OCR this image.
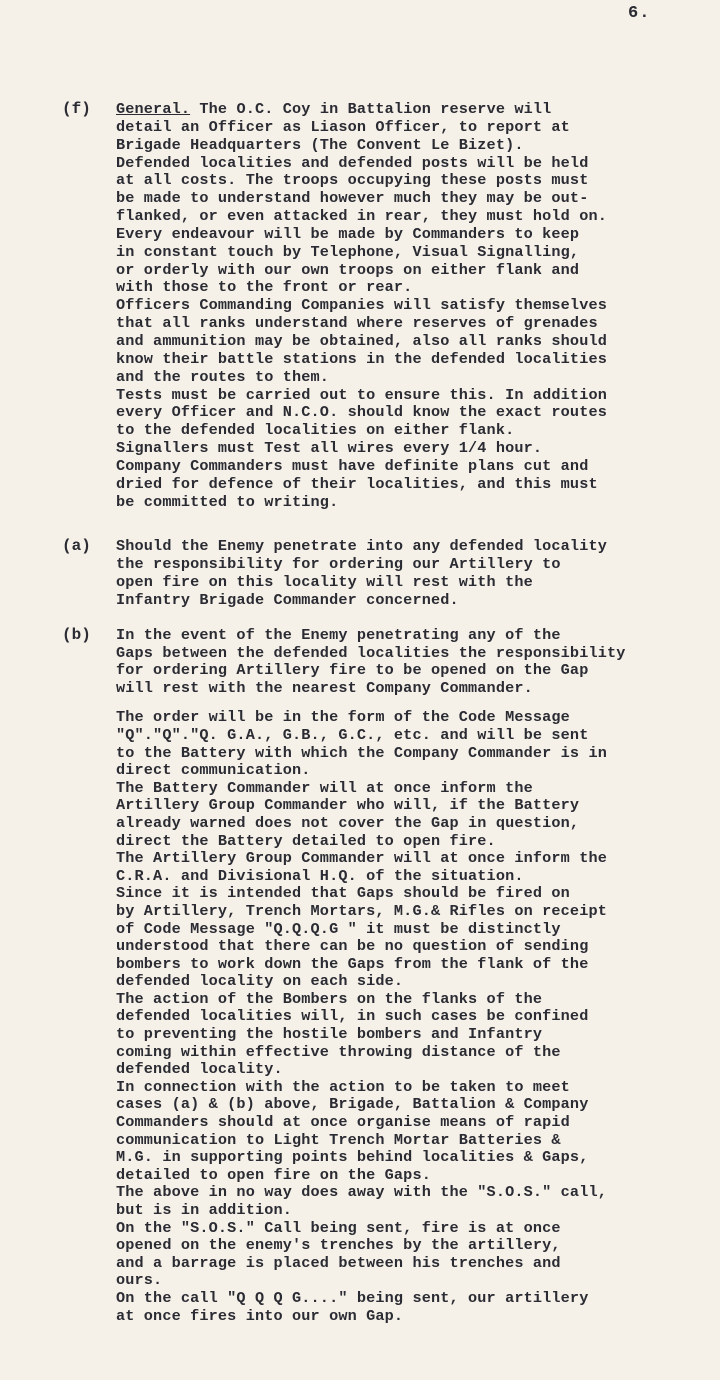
6.
(f) General. The O.C. Coy in Battalion reserve will
detail an Officer as Liason Officer, to report at
Brigade Headquarters (The Convent Le Bizet).
Defended localities and defended posts will be held
at all costs. The troops occupying these posts must
be made to understand however much they may be out-
flanked, or even attacked in rear, they must hold on.
Every endeavour will be made by Commanders to keep
in constant touch by Telephone, Visual Signalling,
or orderly with our own troops on either flank and
with those to the front or rear.
Officers Commanding Companies will satisfy themselves
that all ranks understand where reserves of grenades
and ammunition may be obtained, also all ranks should
know their battle stations in the defended localities
and the routes to them.
Tests must be carried out to ensure this. In addition
every Officer and N.C.O. should know the exact routes
to the defended localities on either flank.
Signallers must Test all wires every 1/4 hour.
Company Commanders must have definite plans cut and
dried for defence of their localities, and this must
be committed to writing.
(a) Should the Enemy penetrate into any defended locality
the responsibility for ordering our Artillery to
open fire on this locality will rest with the
Infantry Brigade Commander concerned.
(b) In the event of the Enemy penetrating any of the
Gaps between the defended localities the responsibility
for ordering Artillery fire to be opened on the Gap
will rest with the nearest Company Commander.
The order will be in the form of the Code Message
"Q"."Q"."Q. G.A., G.B., G.C., etc. and will be sent
to the Battery with which the Company Commander is in
direct communication.
The Battery Commander will at once inform the
Artillery Group Commander who will, if the Battery
already warned does not cover the Gap in question,
direct the Battery detailed to open fire.
The Artillery Group Commander will at once inform the
C.R.A. and Divisional H.Q. of the situation.
Since it is intended that Gaps should be fired on
by Artillery, Trench Mortars, M.G.& Rifles on receipt
of Code Message "Q.Q.Q.G " it must be distinctly
understood that there can be no question of sending
bombers to work down the Gaps from the flank of the
defended locality on each side.
The action of the Bombers on the flanks of the
defended localities will, in such cases be confined
to preventing the hostile bombers and Infantry
coming within effective throwing distance of the
defended locality.
In connection with the action to be taken to meet
cases (a) & (b) above, Brigade, Battalion & Company
Commanders should at once organise means of rapid
communication to Light Trench Mortar Batteries &
M.G. in supporting points behind localities & Gaps,
detailed to open fire on the Gaps.
The above in no way does away with the "S.O.S." call,
but is in addition.
On the "S.O.S." Call being sent, fire is at once
opened on the enemy's trenches by the artillery,
and a barrage is placed between his trenches and
ours.
On the call "Q Q Q G...." being sent, our artillery
at once fires into our own Gap.
